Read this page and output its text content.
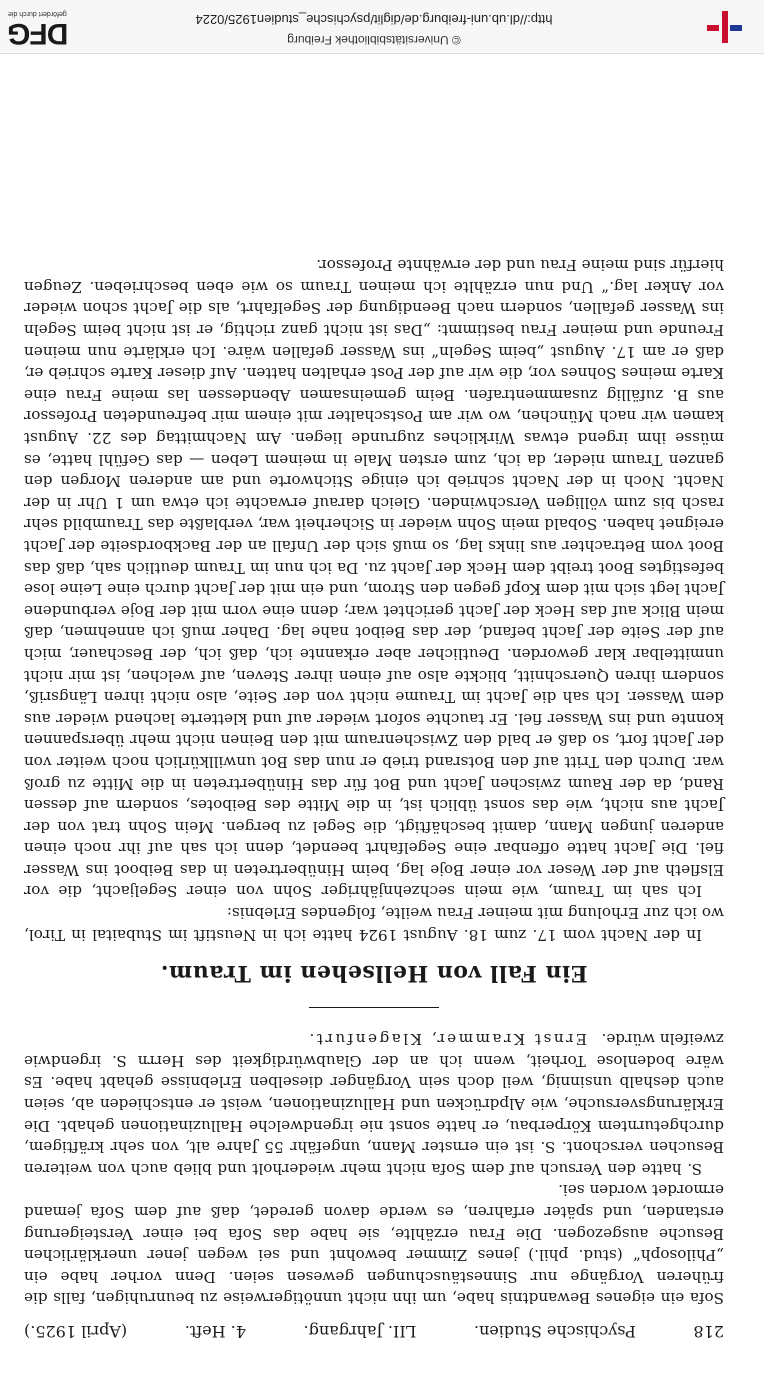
218
Psychische Studien.
LII. Jahrgang.
4. Heft.
(April 1925.)

Sofa ein eigenes Bewandtnis habe, um ihn nicht unnötigerweise zu beunruhigen, falls die früheren Vorgänge nur Sinnestäuschungen gewesen seien. Denn vorher habe ein „Philosoph“ (stud. phil.) jenes Zimmer bewohnt und sei wegen jener unerklärlichen Besuche ausgezogen. Die Frau erzählte, sie habe das Sofa bei einer Versteigerung erstanden, und später erfahren, es werde davon geredet, daß auf dem Sofa jemand ermordet worden sei.

S. hatte den Versuch auf dem Sofa nicht mehr wiederholt und blieb auch von weiteren Besuchen verschont. S. ist ein ernster Mann, ungefähr 55 Jahre alt, von sehr kräftigem, durchgeturntem Körperbau, er hatte sonst nie irgendwelche Halluzinationen gehabt. Die Erklärungsversuche, wie Alpdrücken und Halluzinationen, weist er entschieden ab, seien auch deshalb unsinnig, weil doch sein Vorgänger dieselben Erlebnisse gehabt habe. Es wäre bodenlose Torheit, wenn ich an der Glaubwürdigkeit des Herrn S. irgendwie zweifeln würde.   Ernst Krammer, Klagenfurt.

Ein Fall von Hellsehen im Traum.

In der Nacht vom 17. zum 18. August 1924 hatte ich in Neustift im Stubaital in Tirol, wo ich zur Erholung mit meiner Frau weilte, folgendes Erlebnis:

Ich sah im Traum, wie mein sechzehnjähriger Sohn von einer Segeljacht, die vor Elsfleth auf der Weser vor einer Boje lag, beim Hinübertreten in das Beiboot ins Wasser fiel. Die Jacht hatte offenbar eine Segelfahrt beendet, denn ich sah auf ihr noch einen anderen jungen Mann, damit beschäftigt, die Segel zu bergen. Mein Sohn trat von der Jacht aus nicht, wie das sonst üblich ist, in die Mitte des Beibotes, sondern auf dessen Rand, da der Raum zwischen Jacht und Bot für das Hinübertreten in die Mitte zu groß war. Durch den Tritt auf den Botsrand trieb er nun das Bot unwillkürlich noch weiter von der Jacht fort, so daß er bald den Zwischenraum mit den Beinen nicht mehr überspannen konnte und ins Wasser fiel. Er tauchte sofort wieder auf und kletterte lachend wieder aus dem Wasser. Ich sah die Jacht im Traume nicht von der Seite, also nicht ihren Längsriß, sondern ihren Querschnitt, blickte also auf einen ihrer Steven, auf welchen, ist mir nicht unmittelbar klar geworden. Deutlicher aber erkannte ich, daß ich, der Beschauer, mich auf der Seite der Jacht befand, der das Beibot nahe lag. Daher muß ich annehmen, daß mein Blick auf das Heck der Jacht gerichtet war; denn eine vorn mit der Boje verbundene Jacht legt sich mit dem Kopf gegen den Strom, und ein mit der Jacht durch eine Leine lose befestigtes Boot treibt dem Heck der Jacht zu. Da ich nun im Traum deutlich sah, daß das Boot vom Betrachter aus links lag, so muß sich der Unfall an der Backbordseite der Jacht ereignet haben. Sobald mein Sohn wieder in Sicherheit war, verblaßte das Traumbild sehr rasch bis zum völligen Verschwinden. Gleich darauf erwachte ich etwa um 1 Uhr in der Nacht. Noch in der Nacht schrieb ich einige Stichworte und am anderen Morgen den ganzen Traum nieder, da ich, zum ersten Male in meinem Leben — das Gefühl hatte, es müsse ihm irgend etwas Wirkliches zugrunde liegen. Am Nachmittag des 22. August kamen wir nach München, wo wir am Postschalter mit einem mir befreundeten Professor aus B. zufällig zusammentrafen. Beim gemeinsamen Abendessen las meine Frau eine Karte meines Sohnes vor, die wir auf der Post erhalten hatten. Auf dieser Karte schrieb er, daß er am 17. August „beim Segeln“ ins Wasser gefallen wäre. Ich erklärte nun meinen Freunde und meiner Frau bestimmt: „Das ist nicht ganz richtig, er ist nicht beim Segeln ins Wasser gefallen, sondern nach Beendigung der Segelfahrt, als die Jacht schon wieder vor Anker lag.“ Und nun erzählte ich meinen Traum so wie eben beschrieben. Zeugen hierfür sind meine Frau und der erwähnte Professor.

© Universitätsbibliothek Freiburg
http://dl.ub.uni-freiburg.de/diglit/psychische_studien1925/0224
DFG
gefördert durch die
